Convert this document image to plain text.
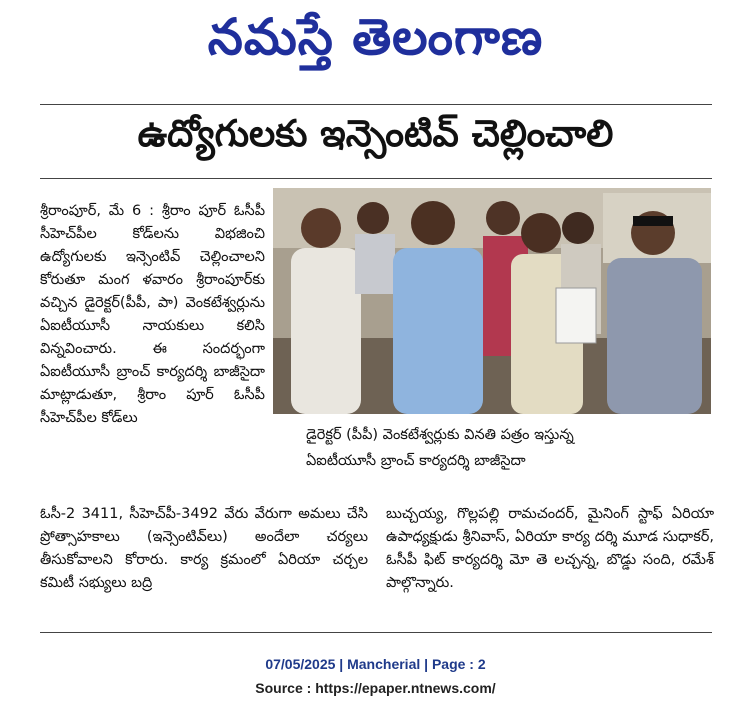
నమస్తే తెలంగాణ
ఉద్యోగులకు ఇన్సెంటివ్ చెల్లించాలి
శ్రీరాంపూర్, మే 6 : శ్రీరాం పూర్ ఓసీపీ సీహెచ్‌పీల కోడ్‌లను విభజించి ఉద్యోగులకు ఇన్సెంటివ్ చెల్లించాలని కోరుతూ మంగ ళవారం శ్రీరాంపూర్‌కు వచ్చిన డైరెక్టర్(పీపీ, పా) వెంకటేశ్వర్లును ఏఐటీయూసీ నాయకులు కలిసి విన్నవించారు. ఈ సందర్భంగా ఏఐటీయూసీ బ్రాంచ్ కార్యదర్శి బాజీసైదా మాట్లాడుతూ, శ్రీరాం పూర్ ఓసీపీ సీహెచ్‌పీల కోడ్‌లు
డైరెక్టర్ (పీపీ) వెంకటేశ్వర్లుకు వినతి పత్రం ఇస్తున్న
ఏఐటీయూసీ బ్రాంచ్ కార్యదర్శి బాజీసైదా
ఓసీ-2 3411, సీహెచ్‌పీ-3492 వేరు వేరుగా అమలు చేసి ప్రోత్సాహకాలు (ఇన్సెంటివ్‌లు) అందేలా చర్యలు తీసుకోవాలని కోరారు. కార్య క్రమంలో ఏరియా చర్చల కమిటీ సభ్యులు బద్రి
బుచ్చయ్య, గొల్లపల్లి రామచందర్, మైనింగ్ స్టాఫ్ ఏరియా ఉపాధ్యక్షుడు శ్రీనివాస్, ఏరియా కార్య దర్శి మూడ సుధాకర్, ఓసీపీ ఫిట్ కార్యదర్శి మో తె లచ్చన్న, బొడ్డు సంది, రమేశ్ పాల్గొన్నారు.
07/05/2025 | Mancherial | Page : 2
Source : https://epaper.ntnews.com/
